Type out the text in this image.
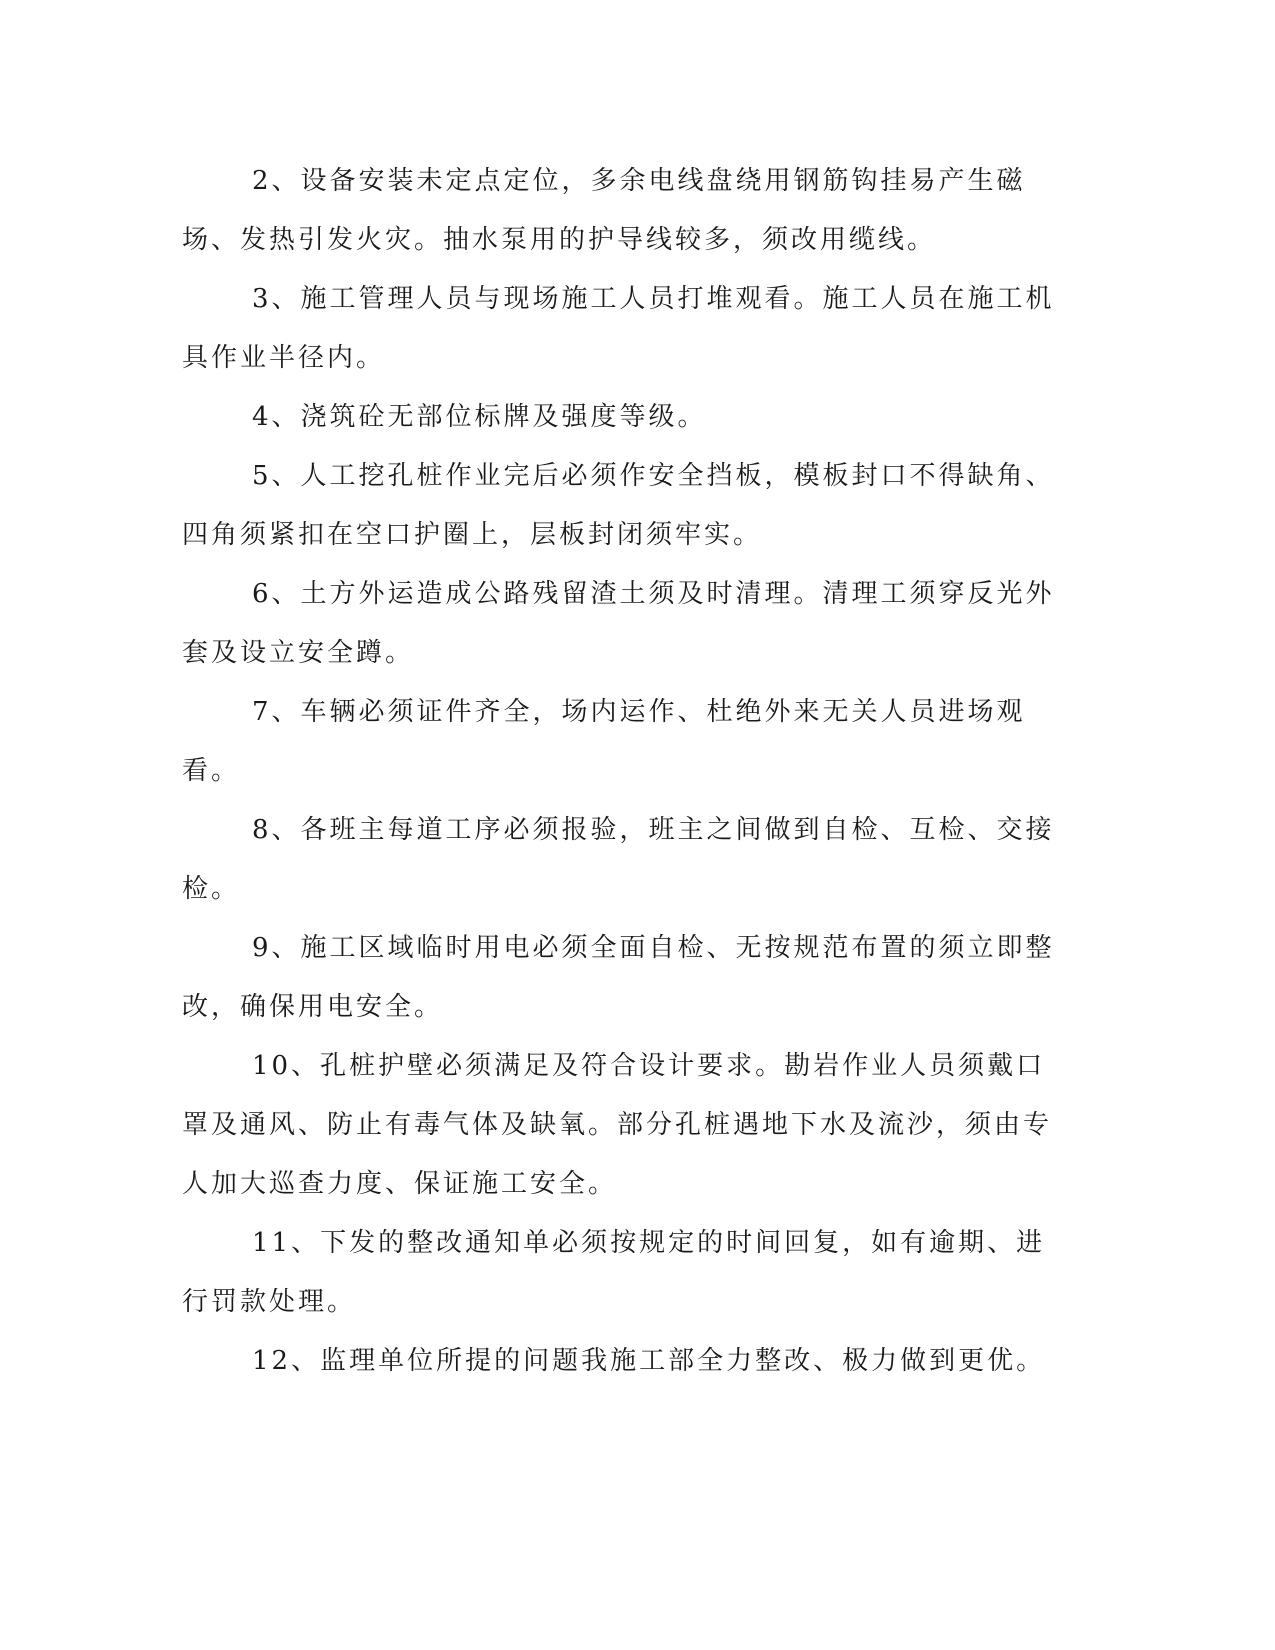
2、设备安装未定点定位，多余电线盘绕用钢筋钩挂易产生磁场、发热引发火灾。抽水泵用的护导线较多，须改用缆线。

3、施工管理人员与现场施工人员打堆观看。施工人员在施工机具作业半径内。

4、浇筑砼无部位标牌及强度等级。

5、人工挖孔桩作业完后必须作安全挡板，模板封口不得缺角、四角须紧扣在空口护圈上，层板封闭须牢实。

6、土方外运造成公路残留渣土须及时清理。清理工须穿反光外套及设立安全蹲。

7、车辆必须证件齐全，场内运作、杜绝外来无关人员进场观看。

8、各班主每道工序必须报验，班主之间做到自检、互检、交接检。

9、施工区域临时用电必须全面自检、无按规范布置的须立即整改，确保用电安全。

10、孔桩护壁必须满足及符合设计要求。勘岩作业人员须戴口罩及通风、防止有毒气体及缺氧。部分孔桩遇地下水及流沙，须由专人加大巡查力度、保证施工安全。

11、下发的整改通知单必须按规定的时间回复，如有逾期、进行罚款处理。

12、监理单位所提的问题我施工部全力整改、极力做到更优。
